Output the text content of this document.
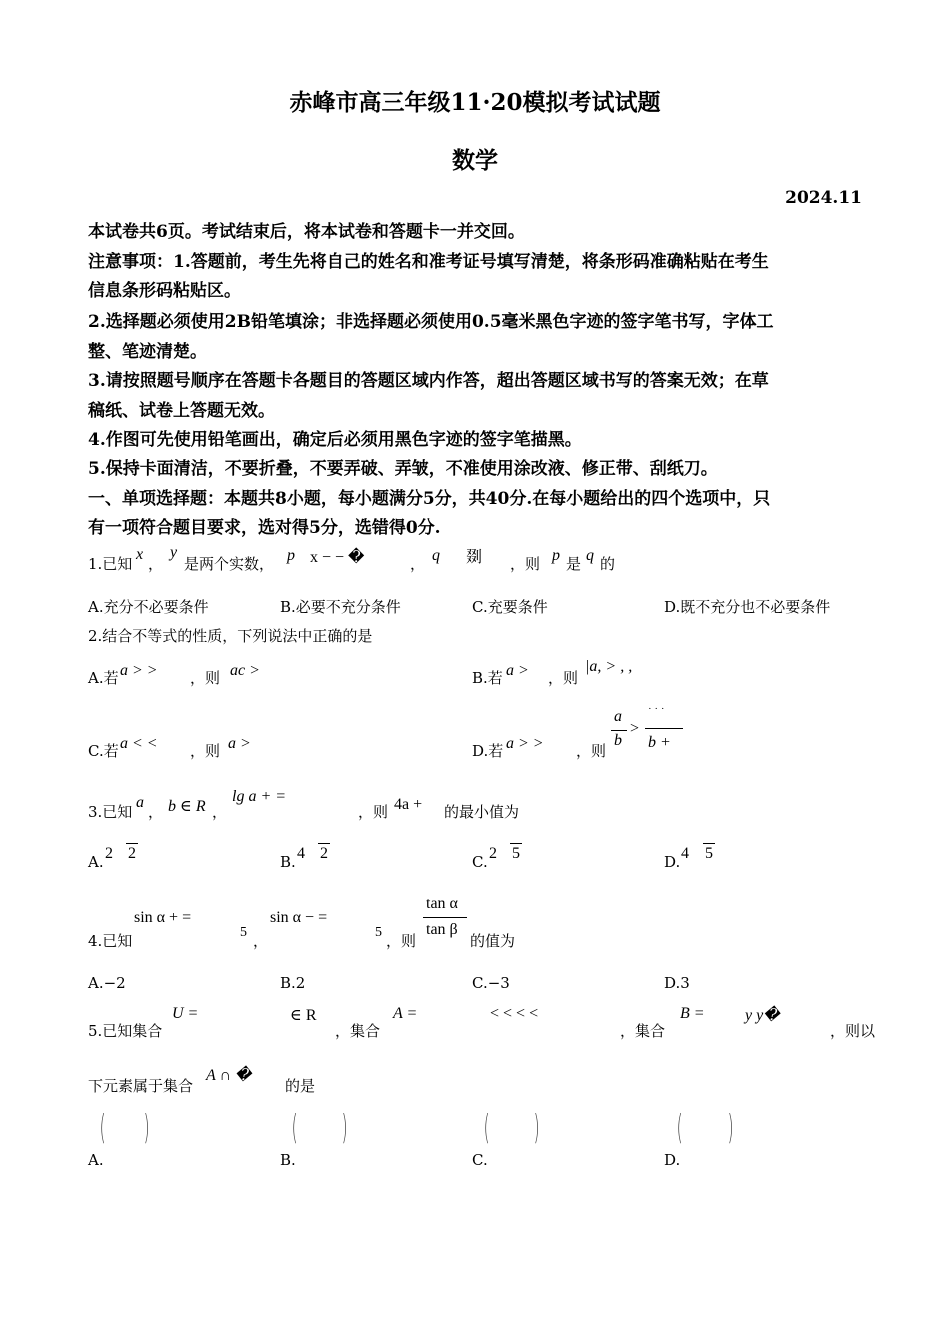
赤峰市高三年级11·20模拟考试试题
数学
2024.11
本试卷共6页。考试结束后，将本试卷和答题卡一并交回。
注意事项：1.答题前，考生先将自己的姓名和准考证号填写清楚，将条形码准确粘贴在考生
信息条形码粘贴区。
2.选择题必须使用2B铅笔填涂；非选择题必须使用0.5毫米黑色字迹的签字笔书写，字体工
整、笔迹清楚。
3.请按照题号顺序在答题卡各题目的答题区域内作答，超出答题区域书写的答案无效；在草
稿纸、试卷上答题无效。
4.作图可先使用铅笔画出，确定后必须用黑色字迹的签字笔描黑。
5.保持卡面清洁，不要折叠，不要弄破、弄皱，不准使用涂改液、修正带、刮纸刀。
一、单项选择题：本题共8小题，每小题满分5分，共40分.在每小题给出的四个选项中，只
有一项符合题目要求，选对得5分，选错得0分.
1.已知
x
，
y
是两个实数， p x − − �	， q 剟 ，则 p 是 q 的
A.充分不必要条件	B.必要不充分条件	C.充要条件	D.既不充分也不必要条件
2.结合不等式的性质，下列说法中正确的是
A.若 a > > ，则 ac >	B.若 a > ，则
|a, > , ,
C.若 a < < ，则 a >	D.若 a > > ，则
a
b
>
˙ ˙ ˙
b +
3.已知
a
， b ∈ R ，
lg a + =
，则 4a + 的最小值为
A. 2 2	B. 4 2	C. 2 5	D. 4 5
4.已知
sin α + =
5 ，
sin α − =
5 ，则
tan α
tan β
的值为
A.−2	B.2	C.−3	D.3
5.已知集合
U =	∈ R
，集合
A =	< < < <
，集合
B =	y y�
，则以
下元素属于集合
A ∩ �
的是
A.
( )
B.
( )
C.
( )
D.
( )
